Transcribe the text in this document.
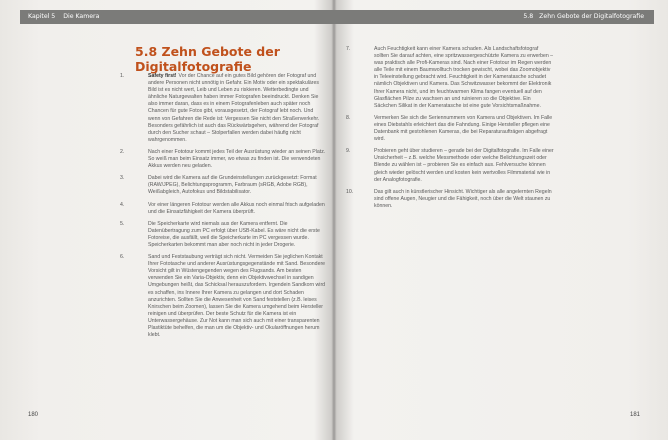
Kapitel 5 Die Kamera
5.8 Zehn Gebote der
Digitalfotografie
1.	Safety first! Vor der Chance auf ein gutes Bild gehören der Fotograf und andere Personen nicht unnötig in Gefahr. Ein Motiv oder ein spektakuläres Bild ist es nicht wert, Leib und Leben zu riskieren. Wetterbedingte und ähnliche Naturgewalten haben immer Fotografen beeindruckt. Denken Sie also immer daran, dass es in einem Fotografenleben auch später noch Chancen für gute Fotos gibt, vorausgesetzt, der Fotograf lebt noch. Und wenn von Gefahren die Rede ist: Vergessen Sie nicht den Straßenverkehr. Besonders gefährlich ist auch das Rückwärtsgehen, während der Fotograf durch den Sucher schaut – Stolperfallen werden dabei häufig nicht wahrgenommen.
2.	Nach einer Fototour kommt jedes Teil der Ausrüstung wieder an seinen Platz. So weiß man beim Einsatz immer, wo etwas zu finden ist. Die verwendeten Akkus werden neu geladen.
3.	Dabei wird die Kamera auf die Grundeinstellungen zurückgesetzt: Format (RAW/JPEG), Belichtungsprogramm, Farbraum (sRGB, Adobe RGB), Weißabgleich, Autofokus und Bildstabilisator.
4.	Vor einer längeren Fototour werden alle Akkus noch einmal frisch aufgeladen und die Einsatzfähigkeit der Kamera überprüft.
5.	Die Speicherkarte wird niemals aus der Kamera entfernt. Die Datenübertragung zum PC erfolgt über USB-Kabel. Es wäre nicht die erste Fotoreise, die ausfällt, weil die Speicherkarte im PC vergessen wurde. Speicherkarten bekommt man aber noch nicht in jeder Drogerie.
6.	Sand und Feststaubung verträgt sich nicht. Vermeiden Sie jeglichen Kontakt Ihrer Fototasche und anderer Ausrüstungsgegenstände mit Sand. Besondere Vorsicht gilt in Wüstengegenden wegen des Flugsands. Am besten verwenden Sie ein Varia-Objektiv, denn ein Objektivwechsel in sandigen Umgebungen heißt, das Schicksal herauszufordern. Irgendein Sandkorn wird es schaffen, ins Innere Ihrer Kamera zu gelangen und dort Schaden anzurichten. Sollten Sie die Anwesenheit von Sand feststellen (z.B. leises Knirschen beim Zoomen), lassen Sie die Kamera umgehend beim Hersteller reinigen und überprüfen. Der beste Schutz für die Kamera ist ein Unterwassergehäuse. Zur Not kann man sich auch mit einer transparenten Plastiktüte behelfen, die man um die Objektiv- und Okularöffnungen herum klebt.
180
5.8 Zehn Gebote der Digitalfotografie
7.	Auch Feuchtigkeit kann einer Kamera schaden. Als Landschaftsfotograf sollten Sie darauf achten, eine spritzwassergeschützte Kamera zu erwerben – was praktisch alle Profi-Kameras sind. Nach einer Fototour im Regen werden alle Teile mit einem Baumwolltuch trocken gewischt, wobei das Zoomobjektiv in Teleeinstellung gebracht wird. Feuchtigkeit in der Kameratasche schadet nämlich Objektiven und Kamera. Das Schwitzwasser bekommt der Elektronik Ihrer Kamera nicht, und im feuchtwarmen Klima fangen eventuell auf den Glasflächen Pilze zu wachsen an und ruinieren so die Objektive. Ein Säckchen Silikat in der Kameratasche ist eine gute Vorsichtsmaßnahme.
8.	Vermerken Sie sich die Seriennummern von Kamera und Objektiven. Im Falle eines Diebstahls erleichtert das die Fahndung. Einige Hersteller pflegen eine Datenbank mit gestohlenen Kameras, die bei Reparaturaufträgen abgefragt wird.
9.	Probieren geht über studieren – gerade bei der Digitalfotografie. Im Falle einer Unsicherheit – z.B. welche Messmethode oder welche Belichtungszeit oder Blende zu wählen ist – probieren Sie es einfach aus. Fehlversuche können gleich wieder gelöscht werden und kosten kein wertvolles Filmmaterial wie in der Analogfotografie.
10.	Das gilt auch in künstlerischer Hinsicht. Wichtiger als alle angelernten Regeln sind offene Augen, Neugier und die Fähigkeit, noch über die Welt staunen zu können.
181
